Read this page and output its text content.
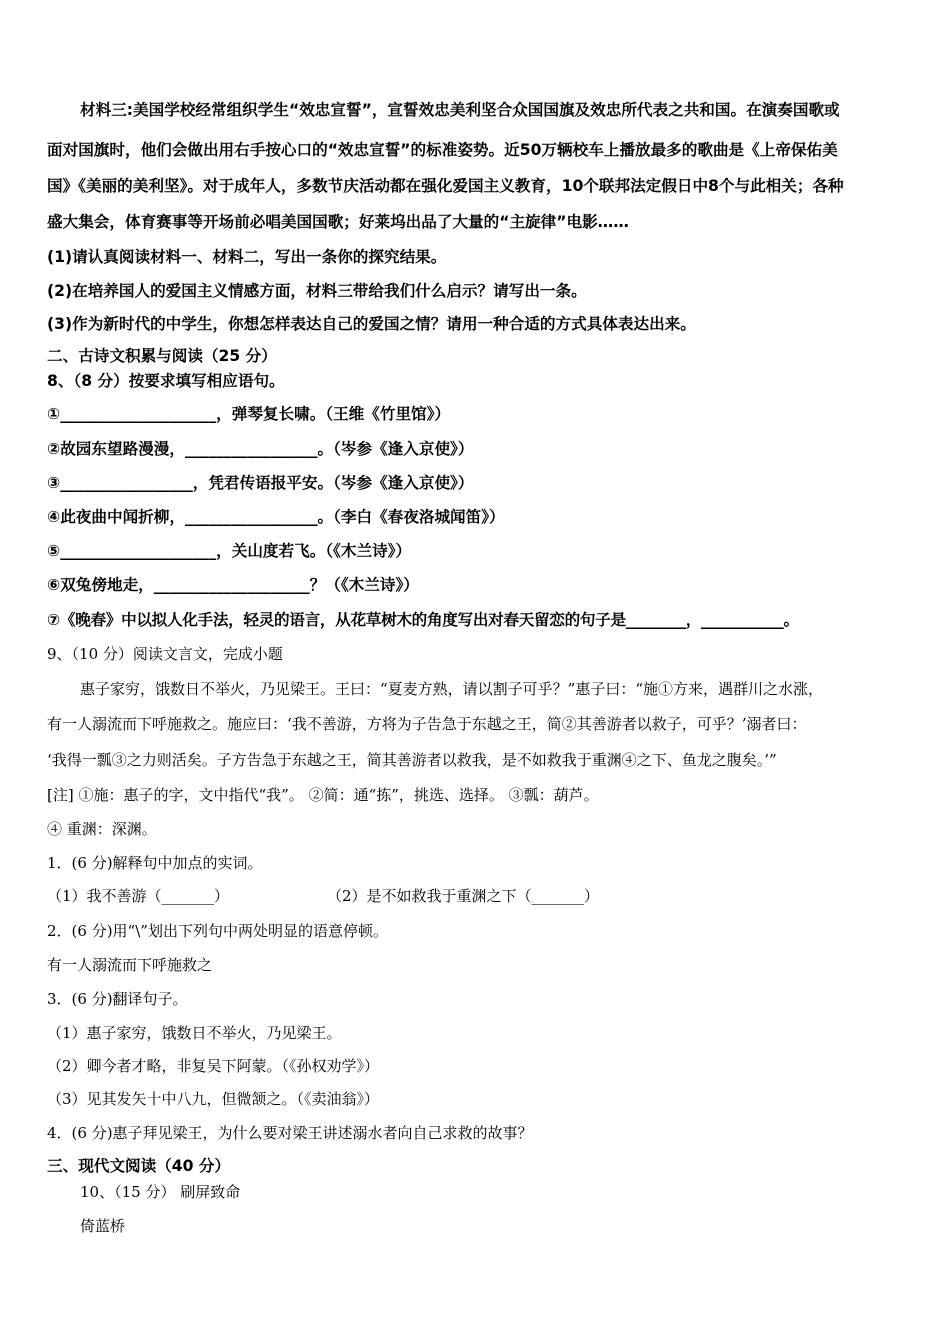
材料三:美国学校经常组织学生“效忠宣誓”，宣誓效忠美利坚合众国国旗及效忠所代表之共和国。在演奏国歌或
面对国旗时，他们会做出用右手按心口的“效忠宣誓”的标准姿势。近50万辆校车上播放最多的歌曲是《上帝保佑美
国》《美丽的美利坚》。对于成年人，多数节庆活动都在强化爱国主义教育，10个联邦法定假日中8个与此相关；各种
盛大集会，体育赛事等开场前必唱美国国歌；好莱坞出品了大量的“主旋律”电影……
(1)请认真阅读材料一、材料二，写出一条你的探究结果。
(2)在培养国人的爱国主义情感方面，材料三带给我们什么启示？请写出一条。
(3)作为新时代的中学生，你想怎样表达自己的爱国之情？请用一种合适的方式具体表达出来。
二、古诗文积累与阅读（25 分）
8、（8 分）按要求填写相应语句。
①____________________，弹琴复长啸。（王维《竹里馆》）
②故园东望路漫漫，_________________。（岑参《逢入京使》）
③_________________，凭君传语报平安。（岑参《逢入京使》）
④此夜曲中闻折柳，_________________。（李白《春夜洛城闻笛》）
⑤____________________，关山度若飞。（《木兰诗》）
⑥双兔傍地走，____________________？（《木兰诗》）
⑦《晚春》中以拟人化手法，轻灵的语言，从花草树木的角度写出对春天留恋的句子是________，___________。
9、（10 分）阅读文言文，完成小题
惠子家穷，饿数日不举火，乃见梁王。王曰：“夏麦方熟，请以割子可乎？”惠子曰：“施①方来，遇群川之水涨，
有一人溺流而下呼施救之。施应曰：‘我不善游，方将为子告急于东越之王，简②其善游者以救子，可乎？’溺者曰：
‘我得一瓢③之力则活矣。子方告急于东越之王，简其善游者以救我，是不如救我于重渊④之下、鱼龙之腹矣。’”
[注] ①施：惠子的字，文中指代“我”。 ②简：通“拣”，挑选、选择。 ③瓢：葫芦。
④ 重渊：深渊。
1．(6 分)解释句中加点的实词。
（1）我不善游（_______）	（2）是不如救我于重渊之下（_______）
2．(6 分)用“\”划出下列句中两处明显的语意停顿。
有一人溺流而下呼施救之
3．(6 分)翻译句子。
（1）惠子家穷，饿数日不举火，乃见梁王。
（2）卿今者才略，非复吴下阿蒙。（《孙权劝学》）
（3）见其发矢十中八九，但微颔之。（《卖油翁》）
4．(6 分)惠子拜见梁王，为什么要对梁王讲述溺水者向自己求救的故事？
三、现代文阅读（40 分）
10、（15 分） 刷屏致命
倚蓝桥
